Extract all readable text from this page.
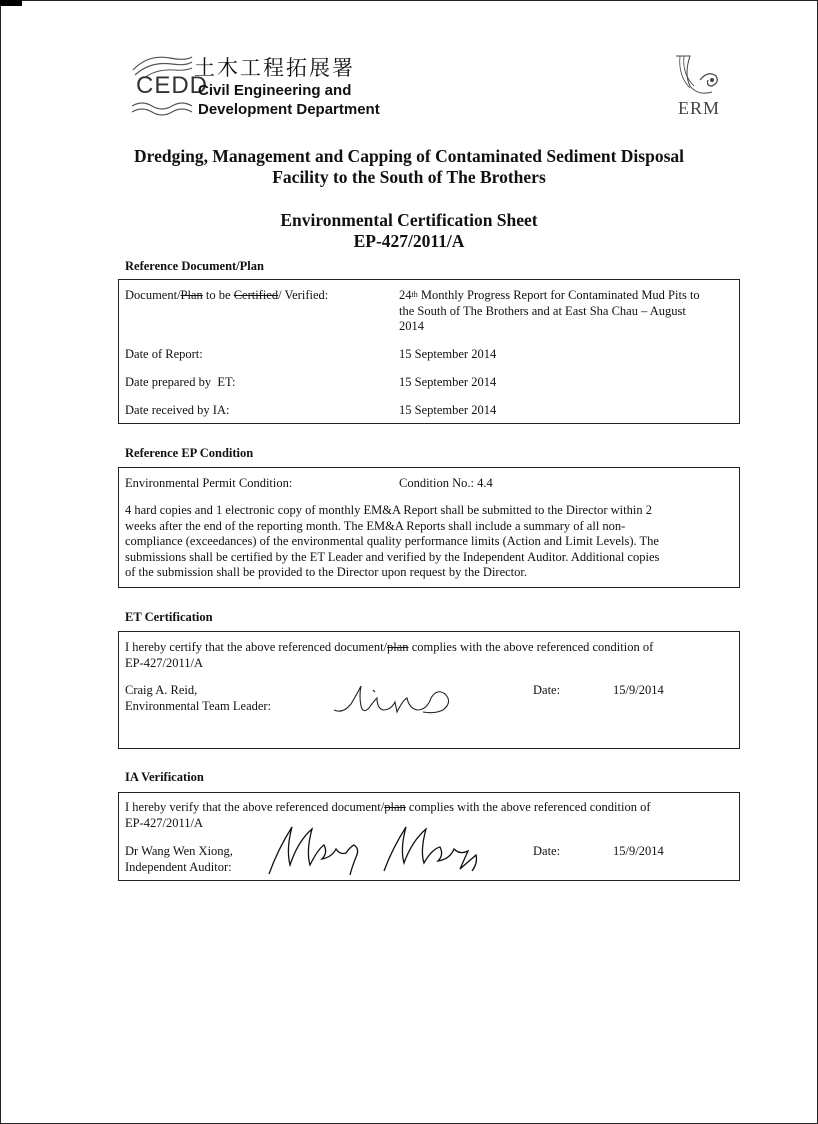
CEDD
土木工程拓展署
Civil Engineering and
Development Department	ERM
Dredging, Management and Capping of Contaminated Sediment Disposal
Facility to the South of The Brothers
Environmental Certification Sheet
EP-427/2011/A
Reference Document/Plan
Document/Plan to be Certified/ Verified:	24th Monthly Progress Report for Contaminated Mud Pits to
the South of The Brothers and at East Sha Chau – August
2014
Date of Report:	15 September 2014
Date prepared by  ET:	15 September 2014
Date received by IA:	15 September 2014
Reference EP Condition
Environmental Permit Condition:	Condition No.: 4.4
4 hard copies and 1 electronic copy of monthly EM&A Report shall be submitted to the Director within 2
weeks after the end of the reporting month. The EM&A Reports shall include a summary of all non-
compliance (exceedances) of the environmental quality performance limits (Action and Limit Levels). The
submissions shall be certified by the ET Leader and verified by the Independent Auditor. Additional copies
of the submission shall be provided to the Director upon request by the Director.
ET Certification
I hereby certify that the above referenced document/plan complies with the above referenced condition of
EP-427/2011/A
Craig A. Reid,
Environmental Team Leader:
Date:	15/9/2014
IA Verification
I hereby verify that the above referenced document/plan complies with the above referenced condition of
EP-427/2011/A
Dr Wang Wen Xiong,
Independent Auditor:
Date:	15/9/2014
